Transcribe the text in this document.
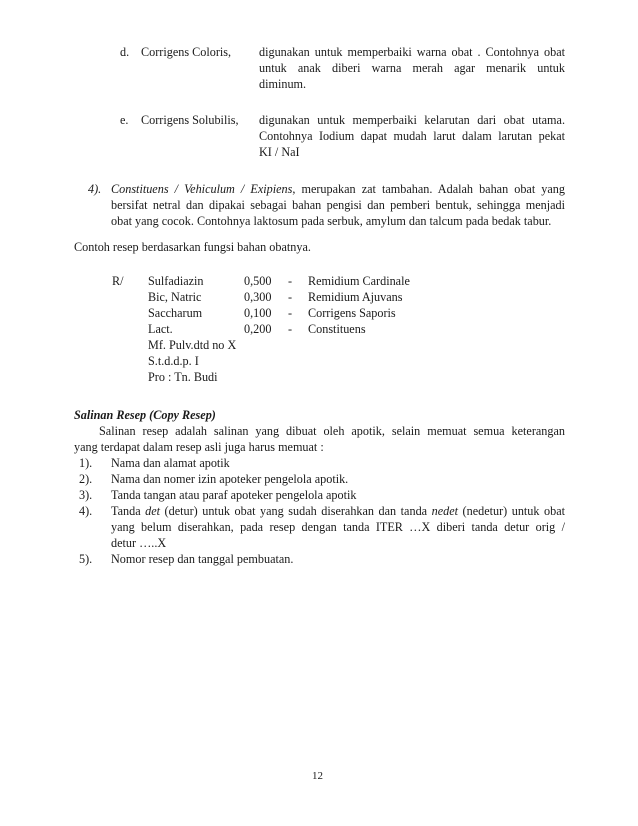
d. Corrigens Coloris, digunakan untuk memperbaiki warna obat . Contohnya obat
untuk anak diberi warna merah agar menarik untuk
diminum.
e. Corrigens Solubilis, digunakan untuk memperbaiki kelarutan dari obat utama.
Contohnya Iodium dapat mudah larut dalam larutan pekat
KI / NaI
4). Constituens / Vehiculum / Exipiens, merupakan zat tambahan. Adalah bahan obat yang
bersifat netral dan dipakai sebagai bahan pengisi dan pemberi bentuk, sehingga menjadi
obat yang cocok. Contohnya laktosum pada serbuk, amylum dan talcum pada bedak tabur.
Contoh resep berdasarkan fungsi bahan obatnya.
R/ Sulfadiazin	0,500 - Remidium Cardinale
Bic, Natric	0,300 - Remidium Ajuvans
Saccharum	0,100 - Corrigens Saporis
Lact.	0,200 - Constituens
Mf. Pulv.dtd no X
S.t.d.d.p. I
Pro : Tn. Budi
Salinan Resep (Copy Resep)
Salinan resep adalah salinan yang dibuat oleh apotik, selain memuat semua keterangan
yang terdapat dalam resep asli juga harus memuat :
1). Nama dan alamat apotik
2). Nama dan nomer izin apoteker pengelola apotik.
3). Tanda tangan atau paraf apoteker pengelola apotik
4). Tanda det (detur) untuk obat yang sudah diserahkan dan tanda nedet (nedetur) untuk obat
yang belum diserahkan, pada resep dengan tanda ITER …X diberi tanda detur orig /
detur …..X
5). Nomor resep dan tanggal pembuatan.
12
